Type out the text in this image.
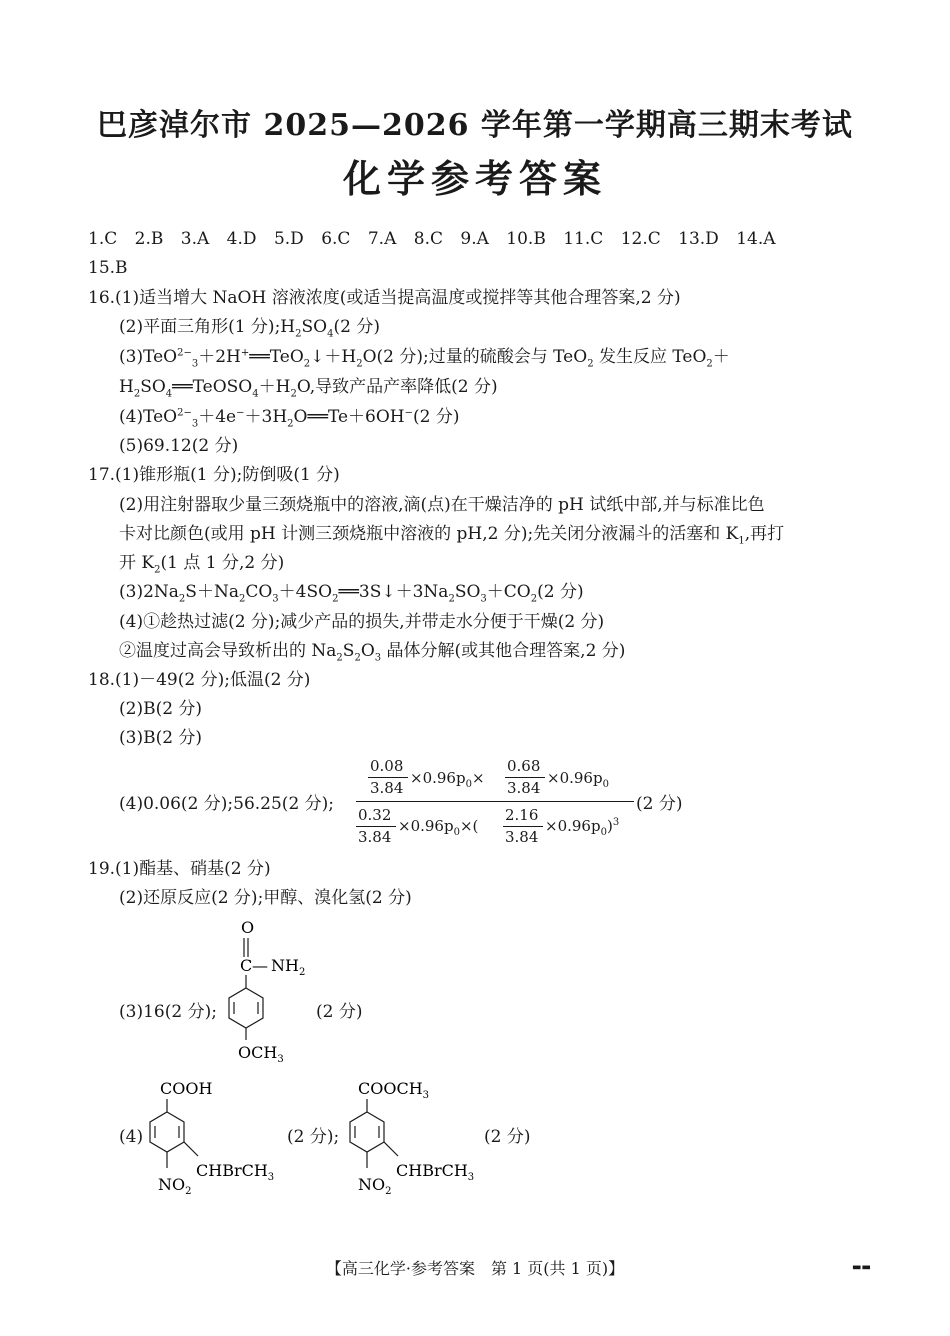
巴彦淖尔市 2025—2026 学年第一学期高三期末考试
化学参考答案
1.C 2.B 3.A 4.D 5.D 6.C 7.A 8.C 9.A 10.B 11.C 12.C 13.D 14.A
15.B
16.(1)适当增大 NaOH 溶液浓度(或适当提高温度或搅拌等其他合理答案,2 分)
(2)平面三角形(1 分)$;H_2SO_4(2$ 分)
$(3)TeO^{2-}_3+2H^+══TeO_2↓+H_2O(2$ 分);过量的硫酸会与 TeO$_2$ 发生反应 TeO$_2$＋
$H_2SO_4══TeOSO_4+H_2O$,导致产品产率降低(2 分)
$(4)TeO^{2-}_3+4e^-+3H_2O══Te+6OH^-(2$ 分)
(5)69.12(2 分)
17.(1)锥形瓶(1 分);防倒吸(1 分)
(2)用注射器取少量三颈烧瓶中的溶液,滴(点)在干燥洁净的 pH 试纸中部,并与标准比色
卡对比颜色(或用 pH 计测三颈烧瓶中溶液的 pH,2 分);先关闭分液漏斗的活塞和 $K_1$,再打
开 $K_2(1$ 点 1 分,2 分)
$(3)2Na_2S+Na_2CO_3+4SO_2══3S↓+3Na_2SO_3+CO_2(2$ 分)
(4)①趁热过滤(2 分);减少产品的损失,并带走水分便于干燥(2 分)
②温度过高会导致析出的 $Na_2S_2O_3$ 晶体分解(或其他合理答案,2 分)
18.(1)－49(2 分);低温(2 分)
(2)B(2 分)
(3)B(2 分)
(4)0.06(2 分);56.25(2 分);
0.08
3.84
$\times 0.96p_0\times$
0.68
3.84
$\times 0.96p_0$
0.32
3.84
$\times 0.96p_0\times$(
2.16
3.84
$\times 0.96p_0)^3$
(2 分)
19.(1)酯基、硝基(2 分)
(2)还原反应(2 分);甲醇、溴化氢(2 分)
(3)16(2 分);	(2 分)
O
C — $NH_2$
$OCH_3$
(4)
COOH
CHBrCH$_3$
$NO_2$
(2 分);
$COOCH_3$
CHBrCH$_3$
$NO_2$
(2 分)
【高三化学·参考答案　第 1 页(共 1 页)】	▬▬
